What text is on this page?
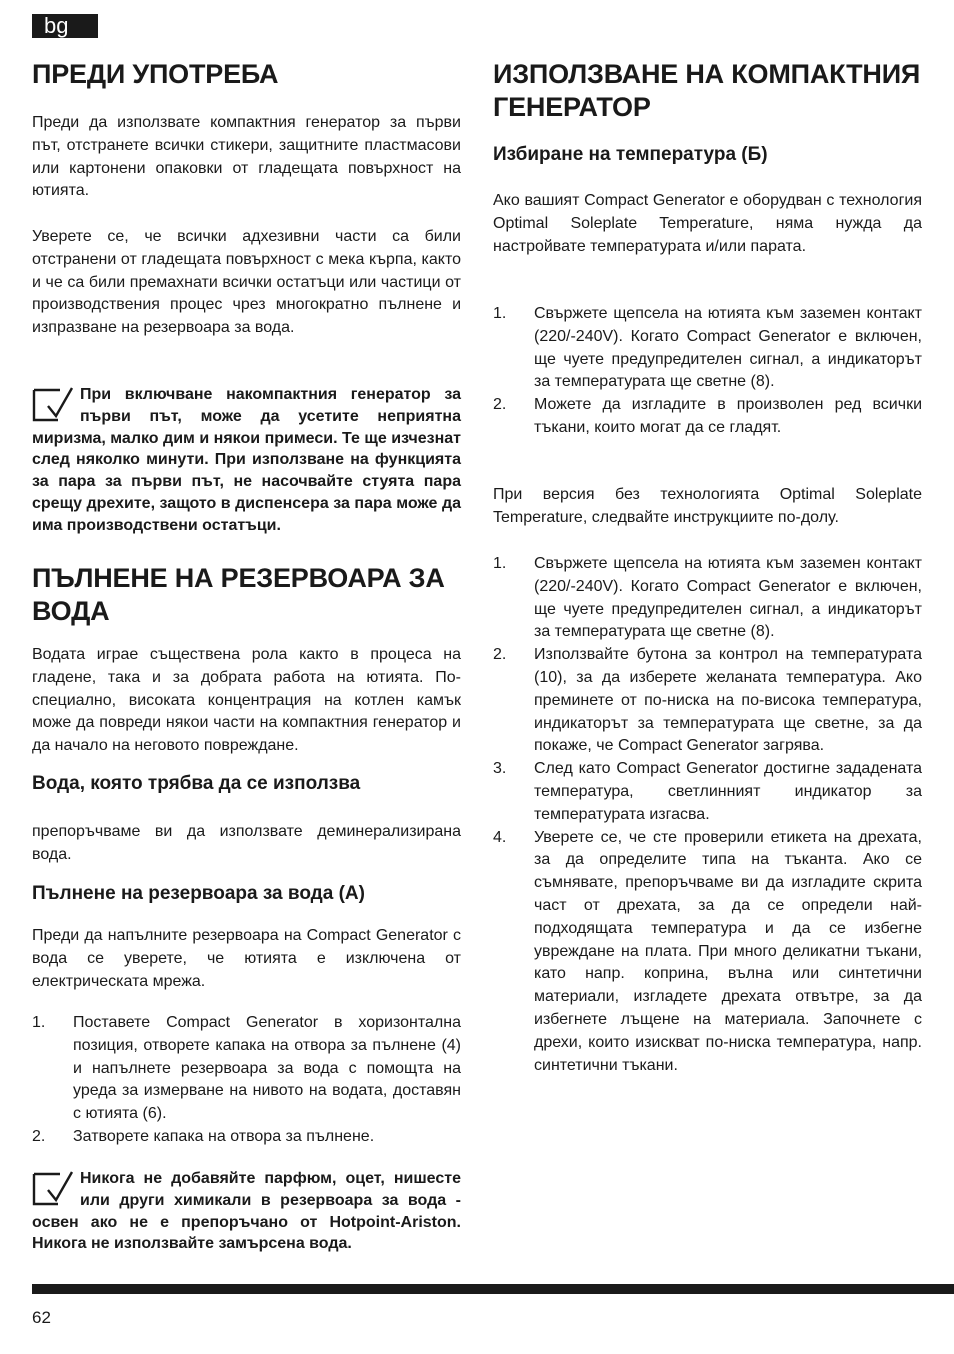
bg
ПРЕДИ УПОТРЕБА

Преди да използвате компактния генератор за първи път, отстранете всички стикери, защитните пластмасови или картонени опаковки от гладещата повърхност на ютията.

Уверете се, че всички адхезивни части са били отстранени от гладещата повърхност с мека кърпа, както и че са били премахнати всички остатъци или частици от производствения процес чрез многократно пълнене и изпразване на резервоара за вода.

При включване накомпактния генератор за първи път, може да усетите неприятна миризма, малко дим и някои примеси. Те ще изчезнат след няколко минути. При използване на функцията за пара за първи път, не насочвайте стуята пара срещу дрехите, защото в диспенсера за пара може да има производствени остатъци.
ПЪЛНЕНЕ НА РЕЗЕРВОАРА ЗА
ВОДА

Водата играе съществена рола както в процеса на гладене, така и за добрата работа на ютията. По-специално, високата концентрация на котлен камък може да повреди някои части на компактния генератор и да начало на неговото повреждане.

Вода, която трябва да се използва

препоръчваме ви да използвате деминерализирана вода.

Пълнене на резервоара за вода (A)

Преди да напълните резервоара на Compact Generator с вода се уверете, че ютията е изключена от електрическата мрежа.

1. Поставете Compact Generator в хоризонтална позиция, отворете капака на отвора за пълнене (4) и напълнете резервоара за вода с помощта на уреда за измерване на нивото на водата, доставян с ютията (6).
2. Затворете капака на отвора за пълнене.
Никога не добавяйте парфюм, оцет, нишесте или други химикали в резервоара за вода - освен ако не е препоръчано от Hotpoint-Ariston. Никога не използвайте замърсена вода.
ИЗПОЛЗВАНЕ НА КОМПАКТНИЯ
ГЕНЕРАТОР
Избиране на температура (Б)

Ако вашият Compact Generator е оборудван с технология Optimal Soleplate Temperature, няма нужда да настройвате температурата и/или парата.

1. Свържете щепсела на ютията към заземен контакт (220/-240V). Когато Compact Generator е включен, ще чуете предупредителен сигнал, а индикаторът за температурата ще светне (8).
2. Можете да изгладите в произволен ред всички тъкани, които могат да се гладят.

При версия без технологията Optimal Soleplate Temperature, следвайте инструкциите по-долу.

1. Свържете щепсела на ютията към заземен контакт (220/-240V). Когато Compact Generator е включен, ще чуете предупредителен сигнал, а индикаторът за температурата ще светне (8).
2. Използвайте бутона за контрол на температурата (10), за да изберете желаната температура. Ако преминете от по-ниска на по-висока температура, индикаторът за температурата ще светне, за да покаже, че Compact Generator загрява.
3. След като Compact Generator достигне зададената температура, светлинният индикатор за температурата изгасва.
4. Уверете се, че сте проверили етикета на дрехата, за да определите типа на тъканта. Ако се съмнявате, препоръчваме ви да изгладите скрита част от дрехата, за да се определи най-подходящата температура и да се избегне увреждане на плата. При много деликатни тъкани, като напр. коприна, вълна или синтетични материали, изгладете дрехата отвътре, за да избегнете лъщене на материала. Започнете с дрехи, които изискват по-ниска температура, напр. синтетични тъкани.
62
